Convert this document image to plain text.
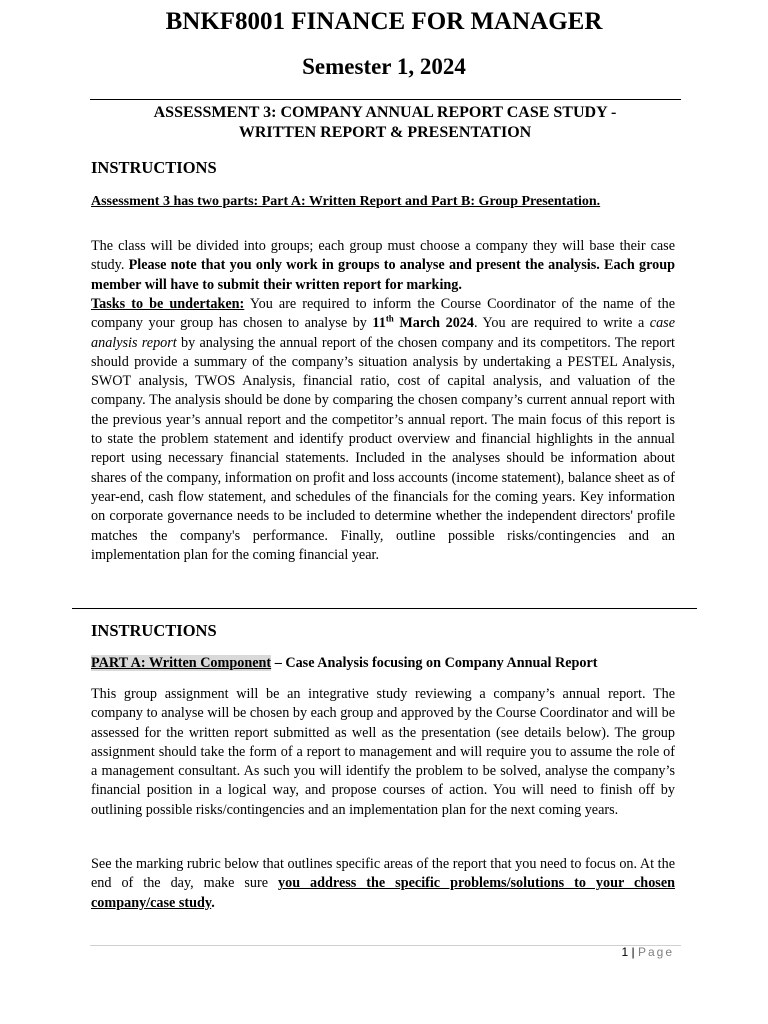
BNKF8001 FINANCE FOR MANAGER
Semester 1, 2024
ASSESSMENT 3: COMPANY ANNUAL REPORT CASE STUDY -
WRITTEN REPORT & PRESENTATION
INSTRUCTIONS
Assessment 3 has two parts: Part A: Written Report and Part B: Group Presentation.
The class will be divided into groups; each group must choose a company they will base their case study. Please note that you only work in groups to analyse and present the analysis. Each group member will have to submit their written report for marking.
Tasks to be undertaken: You are required to inform the Course Coordinator of the name of the company your group has chosen to analyse by 11th March 2024. You are required to write a case analysis report by analysing the annual report of the chosen company and its competitors. The report should provide a summary of the company’s situation analysis by undertaking a PESTEL Analysis, SWOT analysis, TWOS Analysis, financial ratio, cost of capital analysis, and valuation of the company. The analysis should be done by comparing the chosen company’s current annual report with the previous year’s annual report and the competitor’s annual report. The main focus of this report is to state the problem statement and identify product overview and financial highlights in the annual report using necessary financial statements. Included in the analyses should be information about shares of the company, information on profit and loss accounts (income statement), balance sheet as of year-end, cash flow statement, and schedules of the financials for the coming years. Key information on corporate governance needs to be included to determine whether the independent directors' profile matches the company's performance. Finally, outline possible risks/contingencies and an implementation plan for the coming financial year.
INSTRUCTIONS
PART A: Written Component – Case Analysis focusing on Company Annual Report
This group assignment will be an integrative study reviewing a company’s annual report. The company to analyse will be chosen by each group and approved by the Course Coordinator and will be assessed for the written report submitted as well as the presentation (see details below). The group assignment should take the form of a report to management and will require you to assume the role of a management consultant. As such you will identify the problem to be solved, analyse the company’s financial position in a logical way, and propose courses of action. You will need to finish off by outlining possible risks/contingencies and an implementation plan for the next coming years.
See the marking rubric below that outlines specific areas of the report that you need to focus on. At the end of the day, make sure you address the specific problems/solutions to your chosen company/case study.
1 | Page
